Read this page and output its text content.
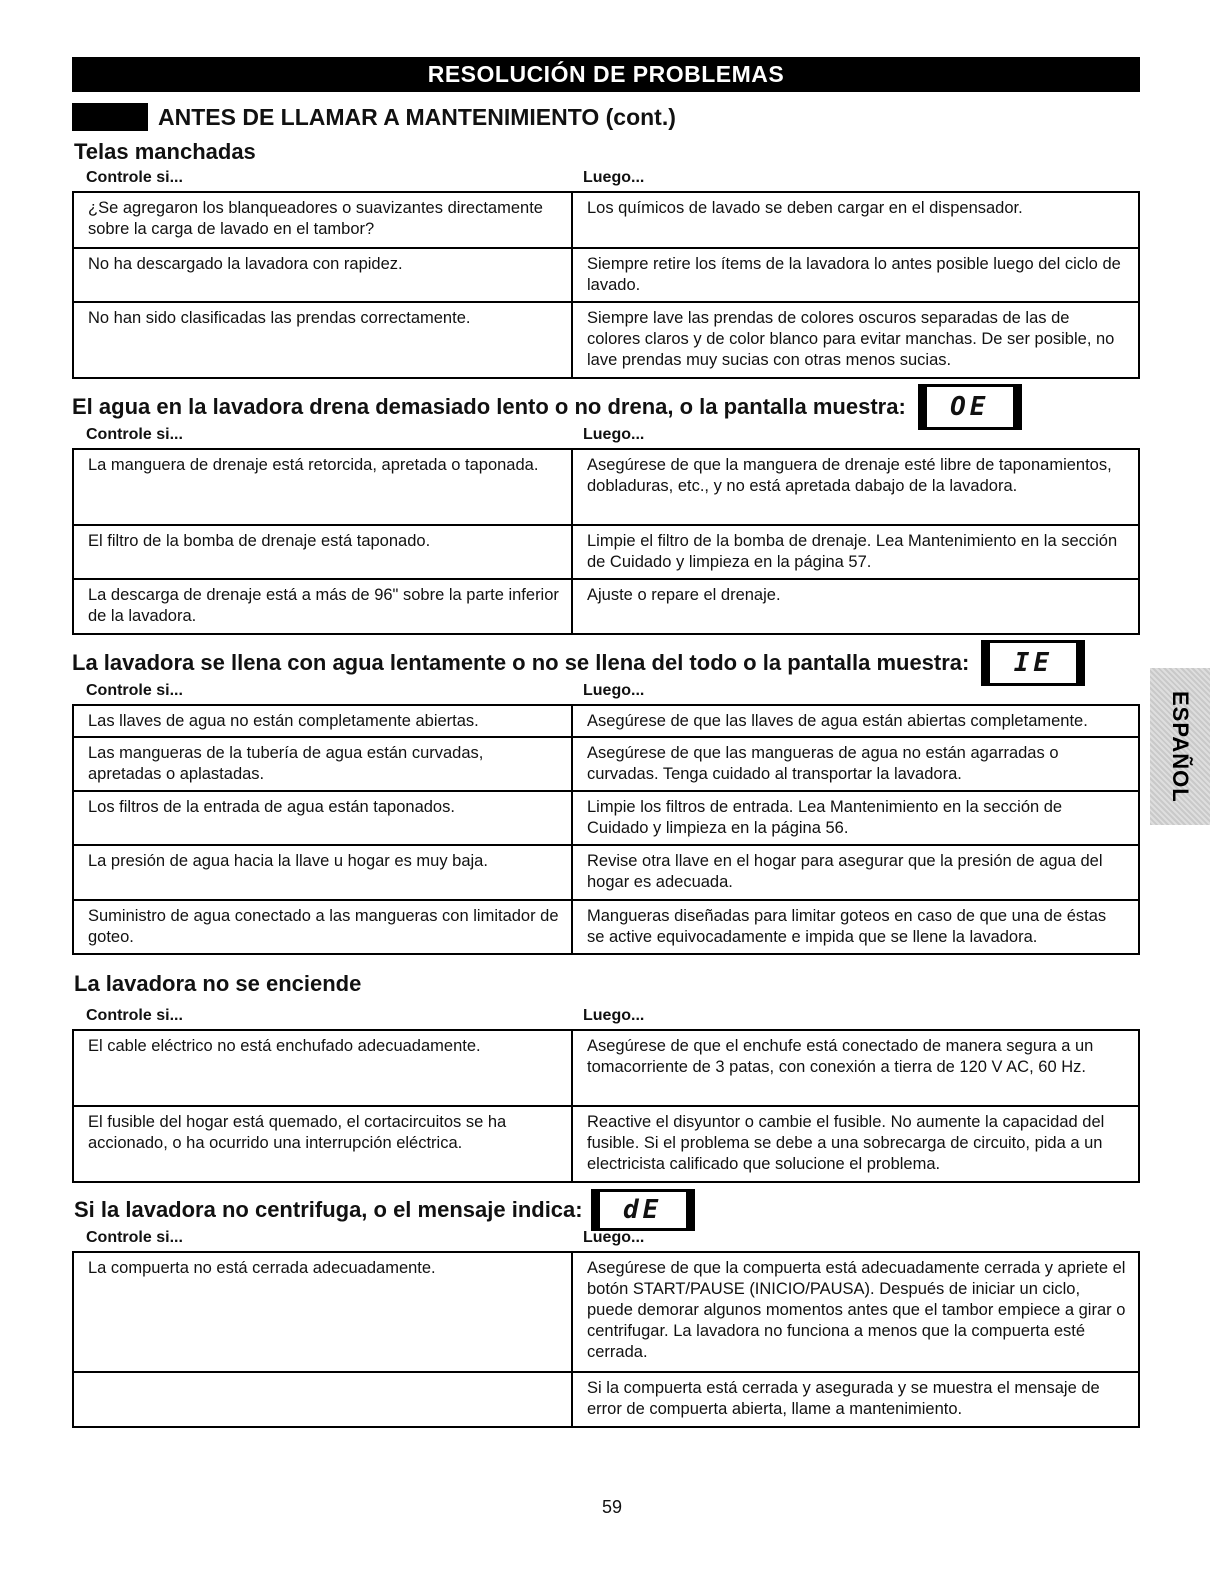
RESOLUCIÓN DE PROBLEMAS
ANTES DE LLAMAR A MANTENIMIENTO (cont.)
Telas manchadas
Controle si...	Luego...
¿Se agregaron los blanqueadores o suavizantes directamente sobre la carga de lavado en el tambor?	Los químicos de lavado se deben cargar en el dispensador.
No ha descargado la lavadora con rapidez.	Siempre retire los ítems de la lavadora lo antes posible luego del ciclo de lavado.
No han sido clasificadas las prendas correctamente.	Siempre lave las prendas de colores oscuros separadas de las de colores claros y de color blanco para evitar manchas. De ser posible, no lave prendas muy sucias con otras menos sucias.
El agua en la lavadora drena demasiado lento o no drena, o la pantalla muestra:	OE
Controle si...	Luego...
La manguera de drenaje está retorcida, apretada o taponada.	Asegúrese de que la manguera de drenaje esté libre de taponamientos, dobladuras, etc., y no está apretada dabajo de la lavadora.
El filtro de la bomba de drenaje está taponado.	Limpie el filtro de la bomba de drenaje. Lea Mantenimiento en la sección de Cuidado y limpieza en la página 57.
La descarga de drenaje está a más de 96" sobre la parte inferior de la lavadora.	Ajuste o repare el drenaje.
La lavadora se llena con agua lentamente o no se llena del todo o la pantalla muestra:	IE
Controle si...	Luego...
Las llaves de agua no están completamente abiertas.	Asegúrese de que las llaves de agua están abiertas completamente.
Las mangueras de la tubería de agua están curvadas, apretadas o aplastadas.	Asegúrese de que las mangueras de agua no están agarradas o curvadas. Tenga cuidado al transportar la lavadora.
Los filtros de la entrada de agua están taponados.	Limpie los filtros de entrada. Lea Mantenimiento en la sección de Cuidado y limpieza en la página 56.
La presión de agua hacia la llave u hogar es muy baja.	Revise otra llave en el hogar para asegurar que la presión de agua del hogar es adecuada.
Suministro de agua conectado a las mangueras con limitador de goteo.	Mangueras diseñadas para limitar goteos en caso de que una de éstas se active equivocadamente e impida que se llene la lavadora.
La lavadora no se enciende
Controle si...	Luego...
El cable eléctrico no está enchufado adecuadamente.	Asegúrese de que el enchufe está conectado de manera segura a un tomacorriente de 3 patas, con conexión a tierra de 120 V AC, 60 Hz.
El fusible del hogar está quemado, el cortacircuitos se ha accionado, o ha ocurrido una interrupción eléctrica.	Reactive el disyuntor o cambie el fusible. No aumente la capacidad del fusible. Si el problema se debe a una sobrecarga de circuito, pida a un electricista calificado que solucione el problema.
Si la lavadora no centrifuga, o el mensaje indica:	dE
Controle si...	Luego...
La compuerta no está cerrada adecuadamente.	Asegúrese de que la compuerta está adecuadamente cerrada y apriete el botón START/PAUSE (INICIO/PAUSA). Después de iniciar un ciclo, puede demorar algunos momentos antes que el tambor empiece a girar o centrifugar. La lavadora no funciona a menos que la compuerta esté cerrada.
	Si la compuerta está cerrada y asegurada y se muestra el mensaje de error de compuerta abierta, llame a mantenimiento.
ESPAÑOL
59
